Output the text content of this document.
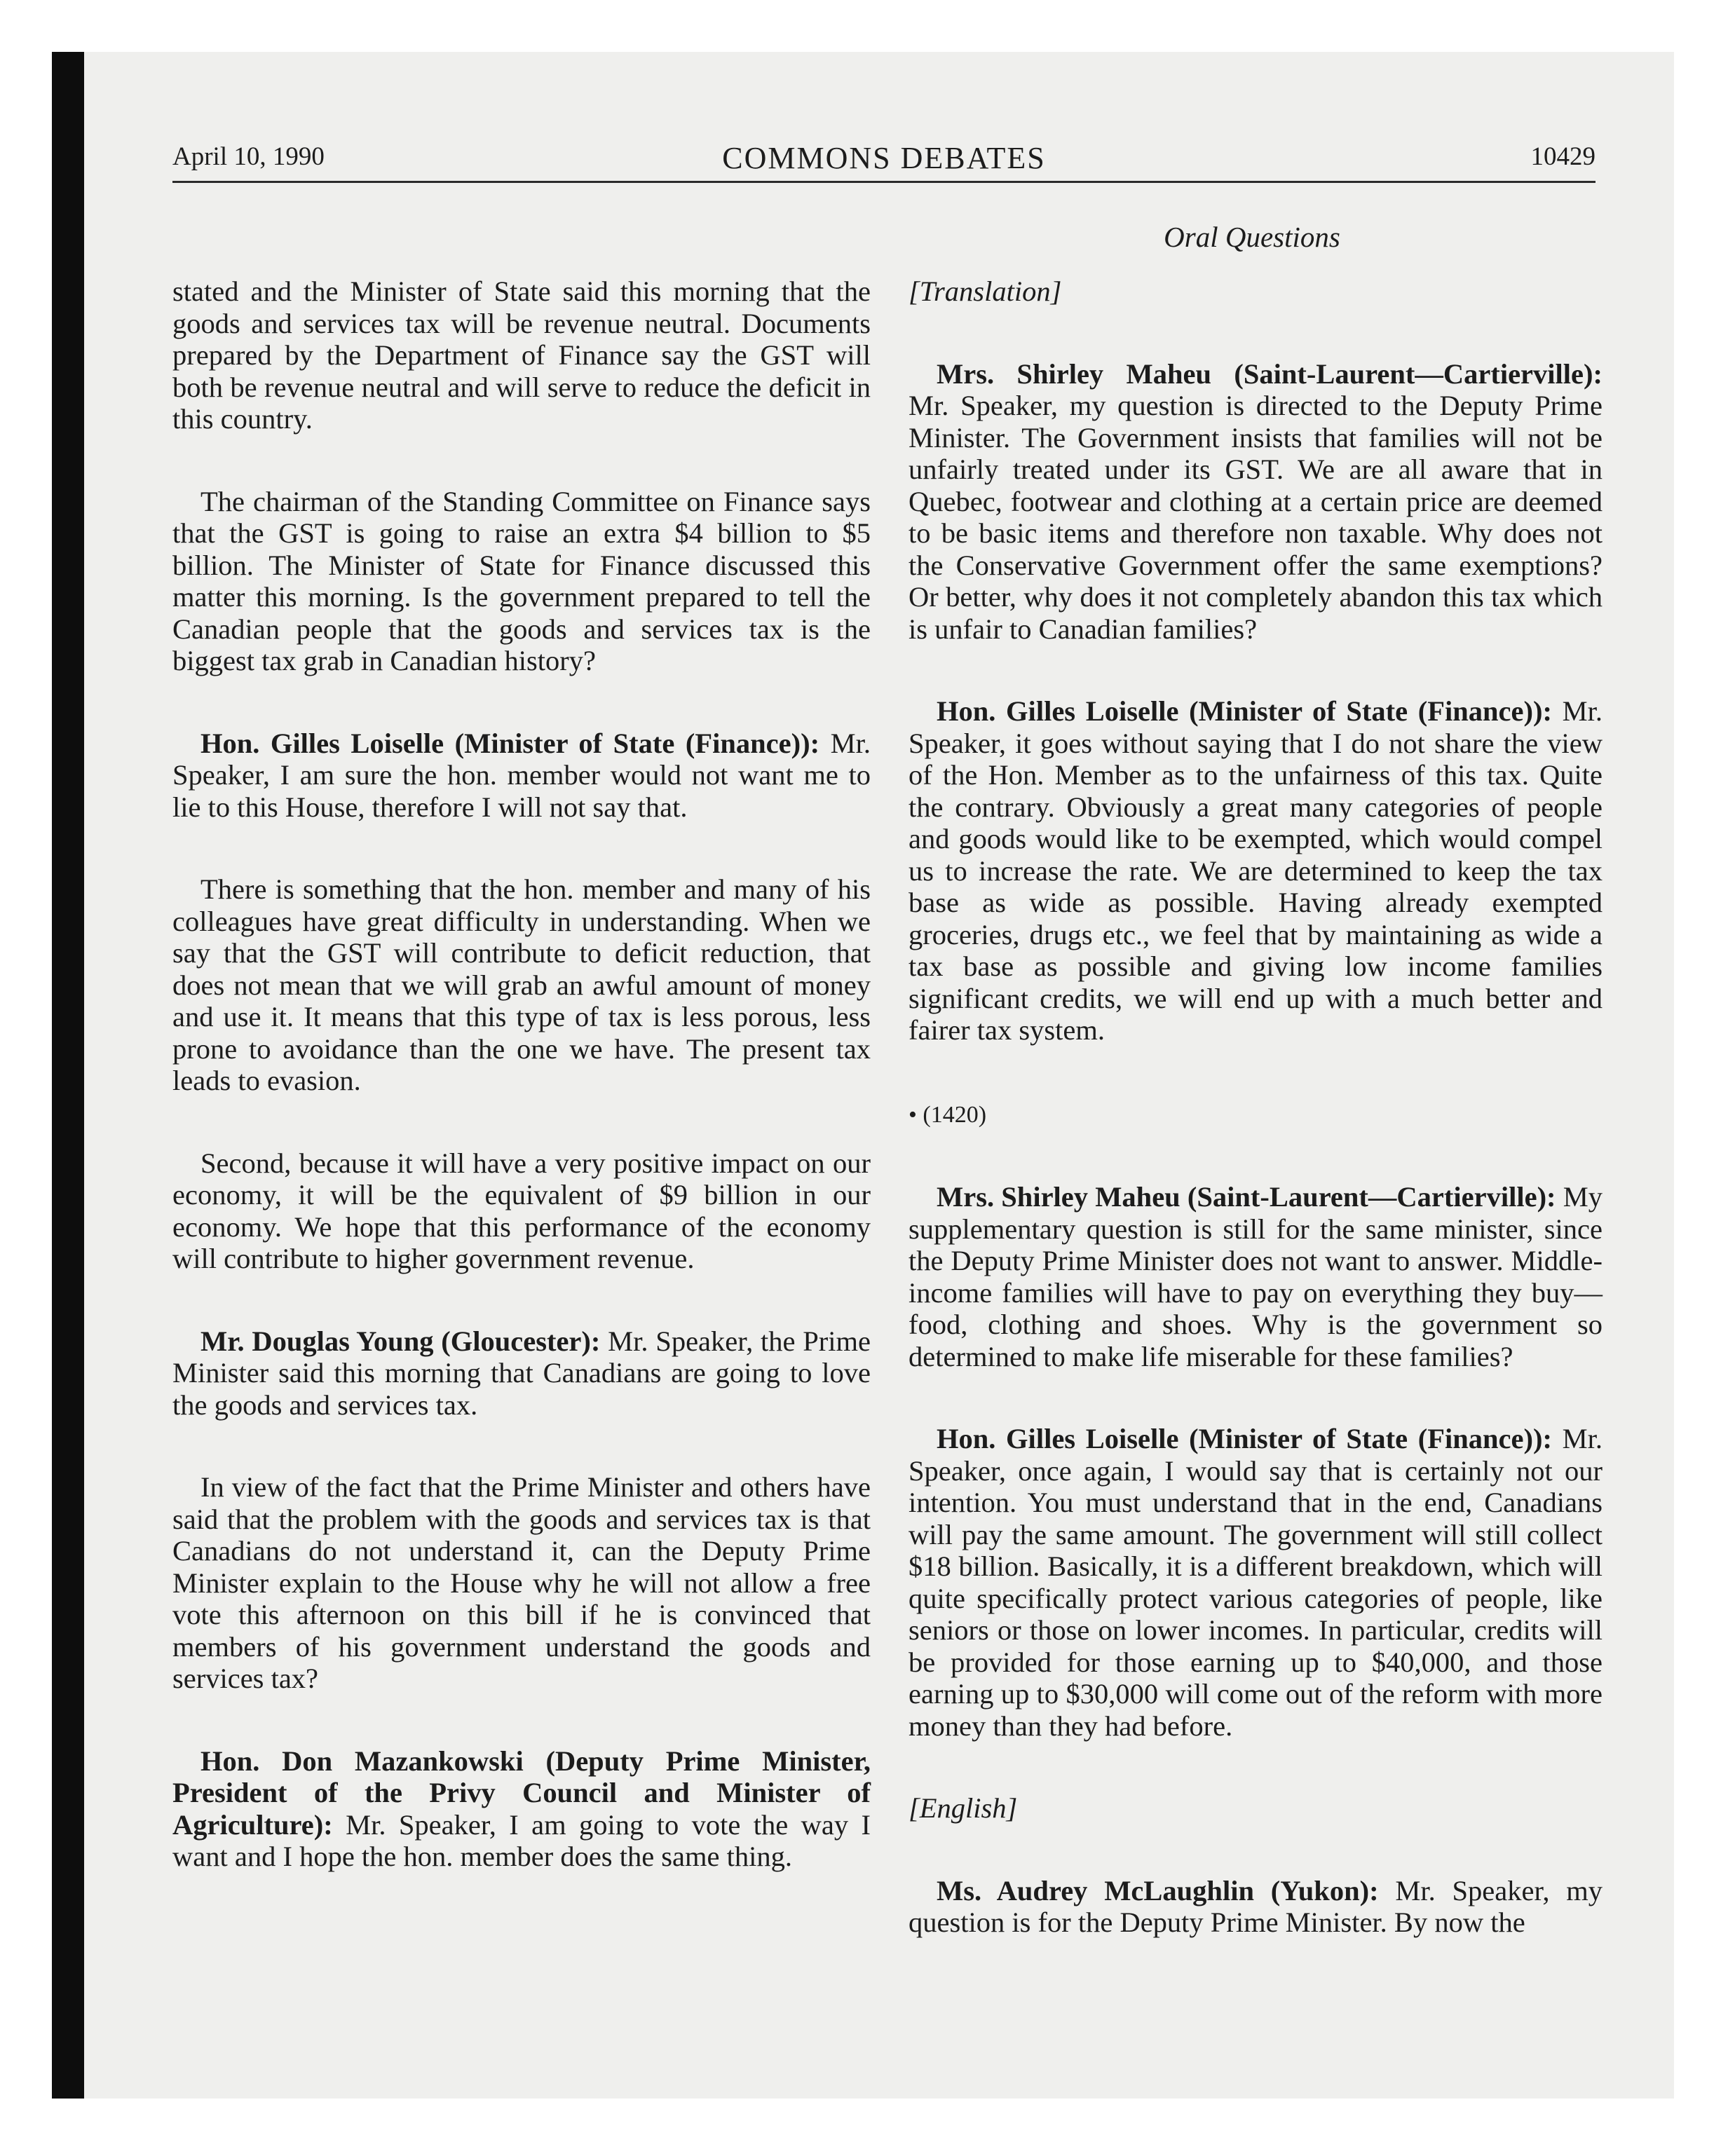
April 10, 1990	COMMONS DEBATES	10429
Oral Questions

stated and the Minister of State said this morning that the goods and services tax will be revenue neutral. Documents prepared by the Department of Finance say the GST will both be revenue neutral and will serve to reduce the deficit in this country.

The chairman of the Standing Committee on Finance says that the GST is going to raise an extra $4 billion to $5 billion. The Minister of State for Finance discussed this matter this morning. Is the government prepared to tell the Canadian people that the goods and services tax is the biggest tax grab in Canadian history?

Hon. Gilles Loiselle (Minister of State (Finance)): Mr. Speaker, I am sure the hon. member would not want me to lie to this House, therefore I will not say that.

There is something that the hon. member and many of his colleagues have great difficulty in understanding. When we say that the GST will contribute to deficit reduction, that does not mean that we will grab an awful amount of money and use it. It means that this type of tax is less porous, less prone to avoidance than the one we have. The present tax leads to evasion.

Second, because it will have a very positive impact on our economy, it will be the equivalent of $9 billion in our economy. We hope that this performance of the economy will contribute to higher government revenue.

Mr. Douglas Young (Gloucester): Mr. Speaker, the Prime Minister said this morning that Canadians are going to love the goods and services tax.

In view of the fact that the Prime Minister and others have said that the problem with the goods and services tax is that Canadians do not understand it, can the Deputy Prime Minister explain to the House why he will not allow a free vote this afternoon on this bill if he is convinced that members of his government understand the goods and services tax?

Hon. Don Mazankowski (Deputy Prime Minister, President of the Privy Council and Minister of Agriculture): Mr. Speaker, I am going to vote the way I want and I hope the hon. member does the same thing.

[Translation]

Mrs. Shirley Maheu (Saint-Laurent—Cartierville): Mr. Speaker, my question is directed to the Deputy Prime Minister. The Government insists that families will not be unfairly treated under its GST. We are all aware that in Quebec, footwear and clothing at a certain price are deemed to be basic items and therefore non taxable. Why does not the Conservative Government offer the same exemptions? Or better, why does it not completely abandon this tax which is unfair to Canadian families?

Hon. Gilles Loiselle (Minister of State (Finance)): Mr. Speaker, it goes without saying that I do not share the view of the Hon. Member as to the unfairness of this tax. Quite the contrary. Obviously a great many categories of people and goods would like to be exempted, which would compel us to increase the rate. We are determined to keep the tax base as wide as possible. Having already exempted groceries, drugs etc., we feel that by maintaining as wide a tax base as possible and giving low income families significant credits, we will end up with a much better and fairer tax system.

• (1420)

Mrs. Shirley Maheu (Saint-Laurent—Cartierville): My supplementary question is still for the same minister, since the Deputy Prime Minister does not want to answer. Middle-income families will have to pay on everything they buy—food, clothing and shoes. Why is the government so determined to make life miserable for these families?

Hon. Gilles Loiselle (Minister of State (Finance)): Mr. Speaker, once again, I would say that is certainly not our intention. You must understand that in the end, Canadians will pay the same amount. The government will still collect $18 billion. Basically, it is a different breakdown, which will quite specifically protect various categories of people, like seniors or those on lower incomes. In particular, credits will be provided for those earning up to $40,000, and those earning up to $30,000 will come out of the reform with more money than they had before.

[English]

Ms. Audrey McLaughlin (Yukon): Mr. Speaker, my question is for the Deputy Prime Minister. By now the
